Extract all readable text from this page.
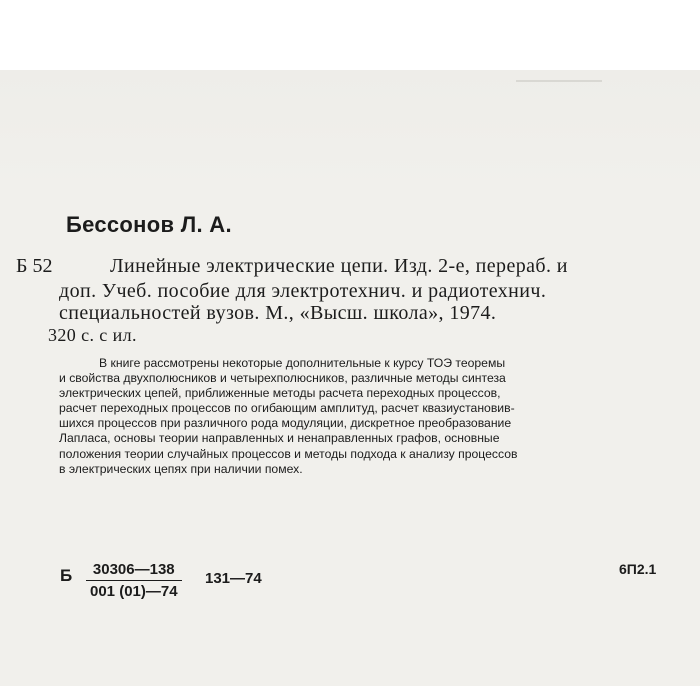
Бессонов Л. А.
Б 52	Линейные электрические цепи. Изд. 2-е, перераб. и
доп. Учеб. пособие для электротехнич. и радиотехнич.
специальностей вузов. М., «Высш. школа», 1974.
320 с. с ил.
В книге рассмотрены некоторые дополнительные к курсу ТОЭ теоремы
и свойства двухполюсников и четырехполюсников, различные методы синтеза
электрических цепей, приближенные методы расчета переходных процессов,
расчет переходных процессов по огибающим амплитуд, расчет квазиустановив-
шихся процессов при различного рода модуляции, дискретное преобразование
Лапласа, основы теории направленных и ненаправленных графов, основные
положения теории случайных процессов и методы подхода к анализу процессов
в электрических цепях при наличии помех.
Б $\frac{30306—138}{001 (01)—74}$ 131—74
6П2.1
